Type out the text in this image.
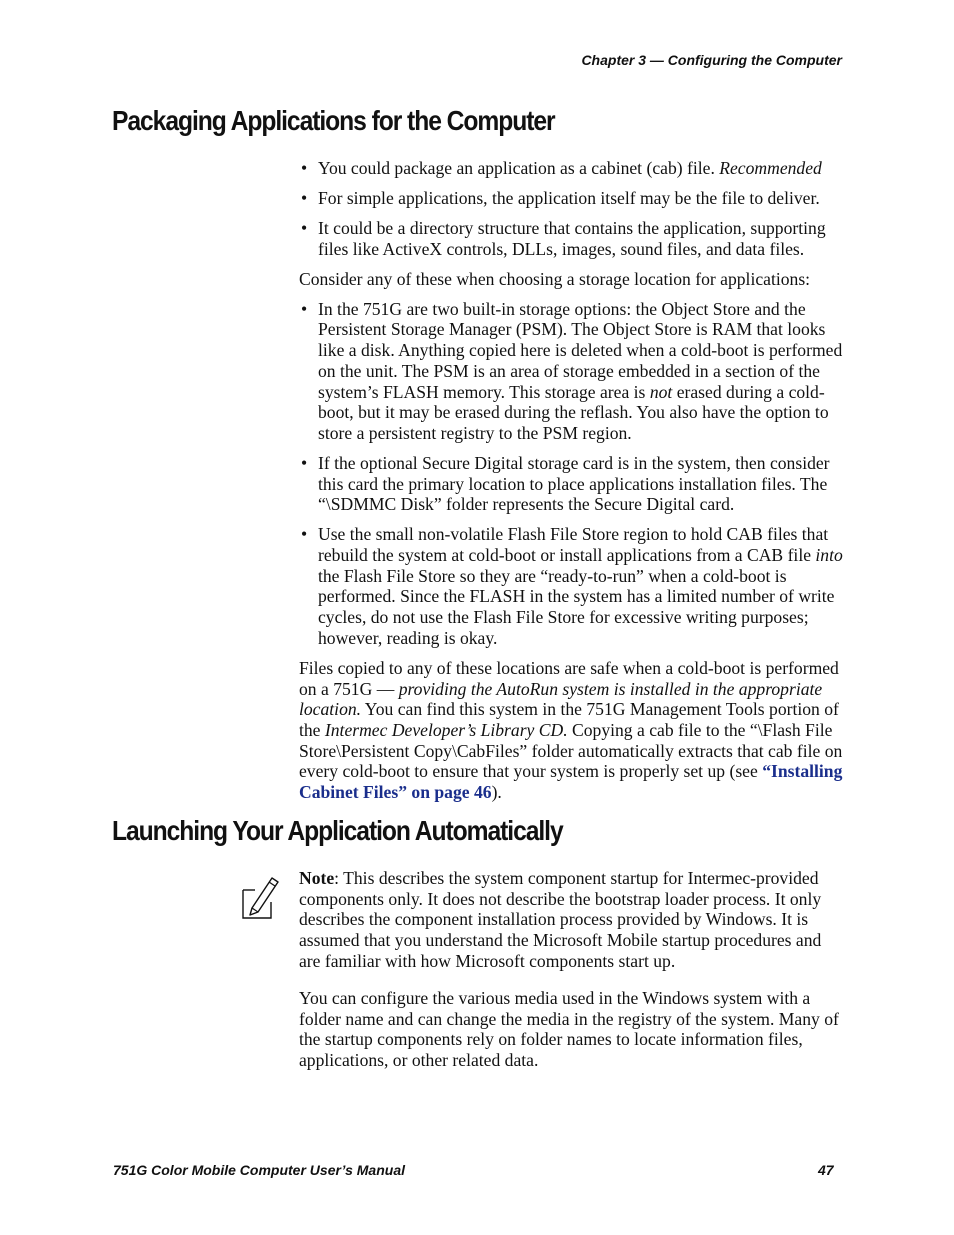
Chapter 3 — Configuring the Computer
Packaging Applications for the Computer
• You could package an application as a cabinet (cab) file. Recommended
• For simple applications, the application itself may be the file to deliver.
• It could be a directory structure that contains the application, supporting files like ActiveX controls, DLLs, images, sound files, and data files.

Consider any of these when choosing a storage location for applications:

• In the 751G are two built-in storage options: the Object Store and the Persistent Storage Manager (PSM). The Object Store is RAM that looks like a disk. Anything copied here is deleted when a cold-boot is performed on the unit. The PSM is an area of storage embedded in a section of the system’s FLASH memory. This storage area is not erased during a cold-boot, but it may be erased during the reflash. You also have the option to store a persistent registry to the PSM region.
• If the optional Secure Digital storage card is in the system, then consider this card the primary location to place applications installation files. The “\SDMMC Disk” folder represents the Secure Digital card.
• Use the small non-volatile Flash File Store region to hold CAB files that rebuild the system at cold-boot or install applications from a CAB file into the Flash File Store so they are “ready-to-run” when a cold-boot is performed. Since the FLASH in the system has a limited number of write cycles, do not use the Flash File Store for excessive writing purposes; however, reading is okay.

Files copied to any of these locations are safe when a cold-boot is performed on a 751G — providing the AutoRun system is installed in the appropriate location. You can find this system in the 751G Management Tools portion of the Intermec Developer’s Library CD. Copying a cab file to the “\Flash File Store\Persistent Copy\CabFiles” folder automatically extracts that cab file on every cold-boot to ensure that your system is properly set up (see “Installing Cabinet Files” on page 46).

Launching Your Application Automatically

Note: This describes the system component startup for Intermec-provided components only. It does not describe the bootstrap loader process. It only describes the component installation process provided by Windows. It is assumed that you understand the Microsoft Mobile startup procedures and are familiar with how Microsoft components start up.

You can configure the various media used in the Windows system with a folder name and can change the media in the registry of the system. Many of the startup components rely on folder names to locate information files, applications, or other related data.

751G Color Mobile Computer User’s Manual	47
